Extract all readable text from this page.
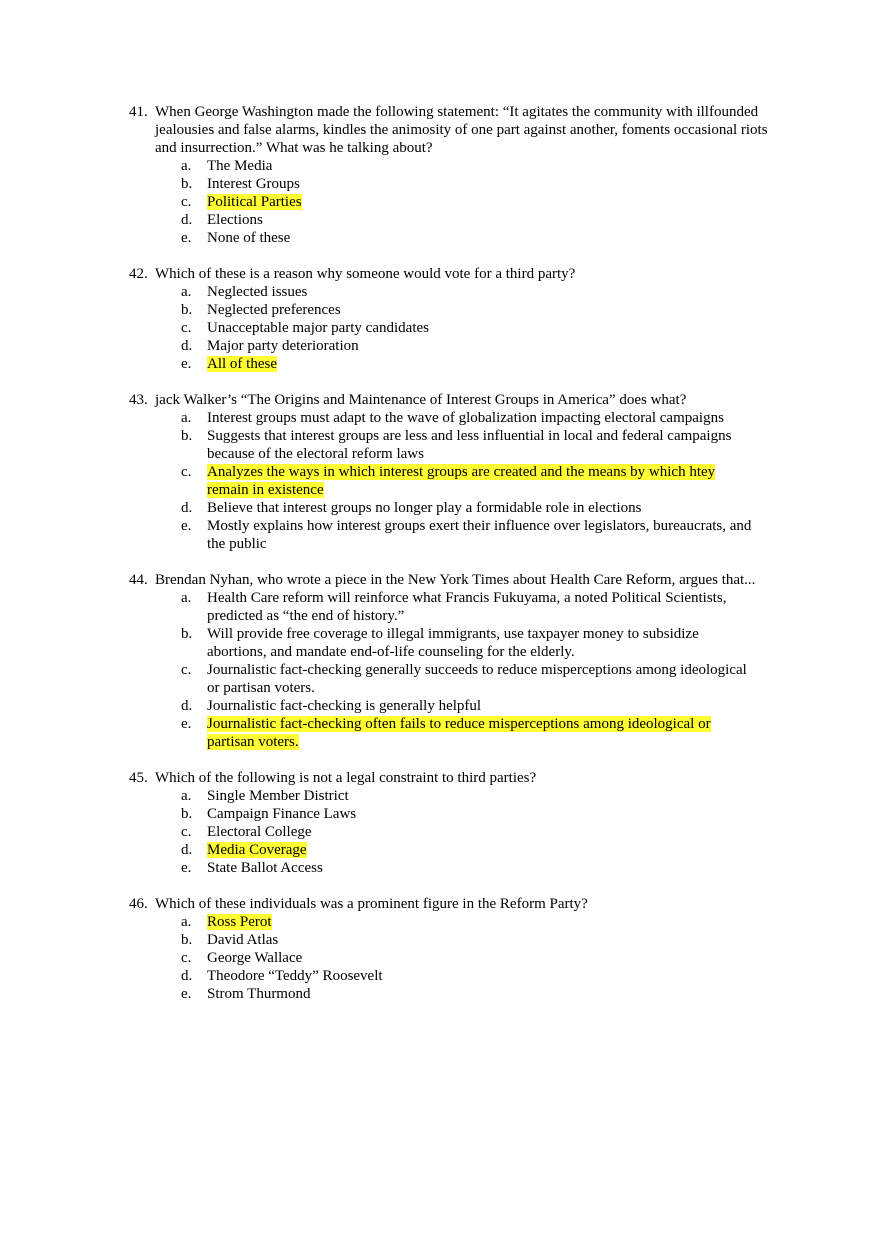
41. When George Washington made the following statement: “It agitates the community with illfounded jealousies and false alarms, kindles the animosity of one part against another, foments occasional riots and insurrection.” What was he talking about?
a. The Media
b. Interest Groups
c. Political Parties
d. Elections
e. None of these
42. Which of these is a reason why someone would vote for a third party?
a. Neglected issues
b. Neglected preferences
c. Unacceptable major party candidates
d. Major party deterioration
e. All of these
43. jack Walker’s “The Origins and Maintenance of Interest Groups in America” does what?
a. Interest groups must adapt to the wave of globalization impacting electoral campaigns
b. Suggests that interest groups are less and less influential in local and federal campaigns because of the electoral reform laws
c. Analyzes the ways in which interest groups are created and the means by which htey remain in existence
d. Believe that interest groups no longer play a formidable role in elections
e. Mostly explains how interest groups exert their influence over legislators, bureaucrats, and the public
44. Brendan Nyhan, who wrote a piece in the New York Times about Health Care Reform, argues that...
a. Health Care reform will reinforce what Francis Fukuyama, a noted Political Scientists, predicted as “the end of history.”
b. Will provide free coverage to illegal immigrants, use taxpayer money to subsidize abortions, and mandate end-of-life counseling for the elderly.
c. Journalistic fact-checking generally succeeds to reduce misperceptions among ideological or partisan voters.
d. Journalistic fact-checking is generally helpful
e. Journalistic fact-checking often fails to reduce misperceptions among ideological or partisan voters.
45. Which of the following is not a legal constraint to third parties?
a. Single Member District
b. Campaign Finance Laws
c. Electoral College
d. Media Coverage
e. State Ballot Access
46. Which of these individuals was a prominent figure in the Reform Party?
a. Ross Perot
b. David Atlas
c. George Wallace
d. Theodore “Teddy” Roosevelt
e. Strom Thurmond
